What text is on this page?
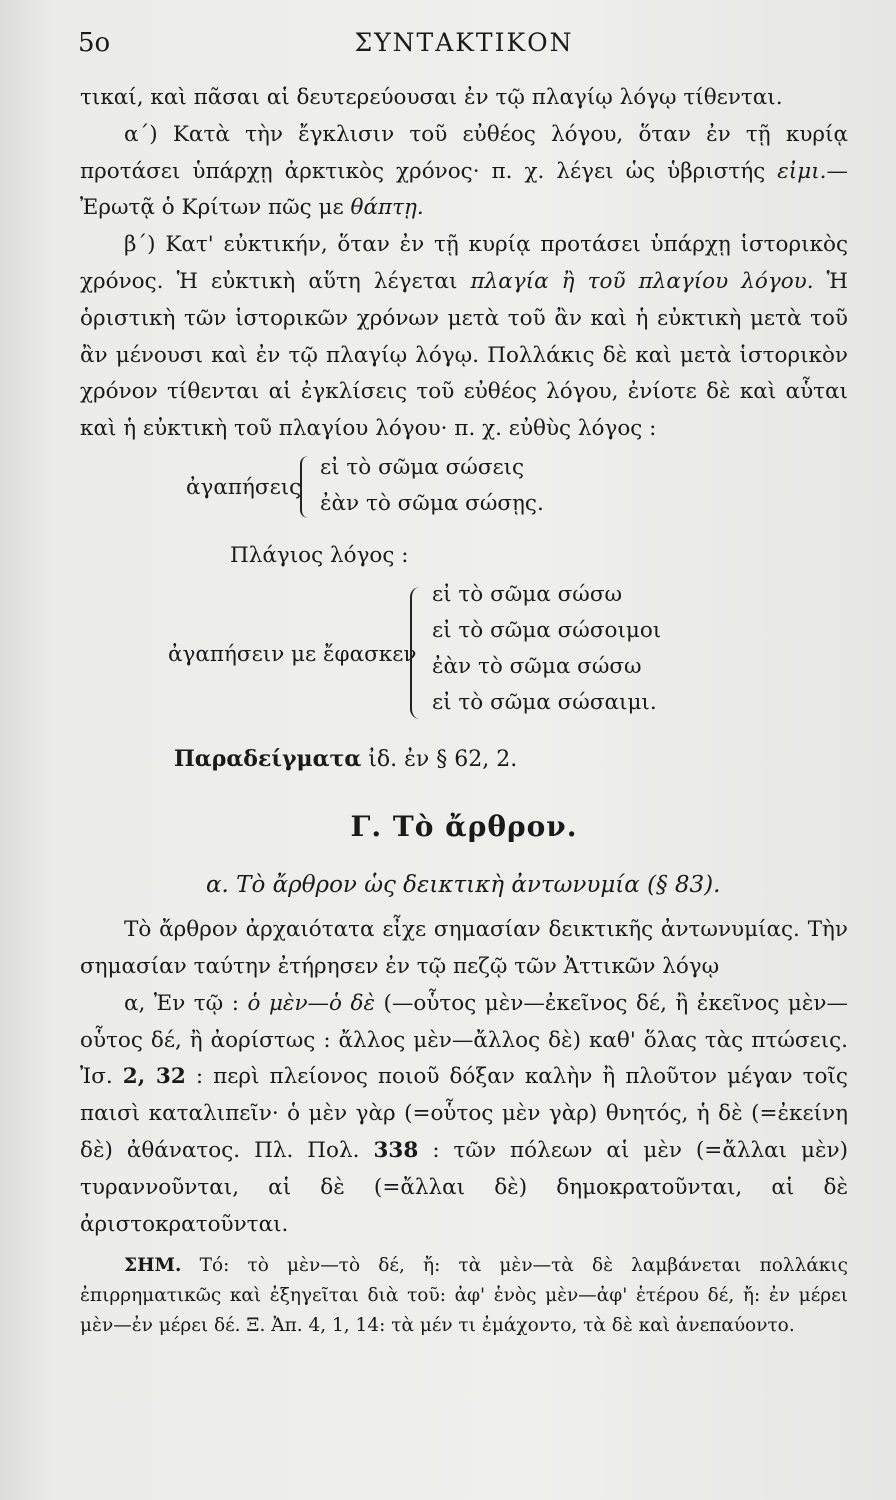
5o	ΣΥΝΤΑΚΤΙΚΟΝ

τικαί, καὶ πᾶσαι αἱ δευτερεύουσαι ἐν τῷ πλαγίῳ λόγῳ τίθενται.

α΄) Κατὰ τὴν ἔγκλισιν τοῦ εὐθέος λόγου, ὅταν ἐν τῇ κυρίᾳ προτάσει ὑπάρχῃ ἀρκτικὸς χρόνος· π. χ. λέγει ὡς ὑβριστής εἰμι.— Ἐρωτᾷ ὁ Κρίτων πῶς με θάπτῃ.

β΄) Κατ' εὐκτικήν, ὅταν ἐν τῇ κυρίᾳ προτάσει ὑπάρχῃ ἱστορικὸς χρόνος. Ἡ εὐκτικὴ αὕτη λέγεται πλαγία ἢ τοῦ πλαγίου λόγου. Ἡ ὁριστικὴ τῶν ἱστορικῶν χρόνων μετὰ τοῦ ἂν καὶ ἡ εὐκτικὴ μετὰ τοῦ ἂν μένουσι καὶ ἐν τῷ πλαγίῳ λόγῳ. Πολλάκις δὲ καὶ μετὰ ἱστορικὸν χρόνον τίθενται αἱ ἐγκλίσεις τοῦ εὐθέος λόγου, ἐνίοτε δὲ καὶ αὗται καὶ ἡ εὐκτικὴ τοῦ πλαγίου λόγου· π. χ. εὐθὺς λόγος :

ἀγαπήσεις
εἰ τὸ σῶμα σώσεις
ἐὰν τὸ σῶμα σώσῃς.

Πλάγιος λόγος :

ἀγαπήσειν με ἔφασκεν
εἰ τὸ σῶμα σώσω
εἰ τὸ σῶμα σώσοιμοι
ἐὰν τὸ σῶμα σώσω
εἰ τὸ σῶμα σώσαιμι.

Παραδείγματα ἰδ. ἐν § 62, 2.

Γ. Τὸ ἄρθρον.
α. Τὸ ἄρθρον ὡς δεικτικὴ ἀντωνυμία (§ 83).

Τὸ ἄρθρον ἀρχαιότατα εἶχε σημασίαν δεικτικῆς ἀντωνυμίας. Τὴν σημασίαν ταύτην ἐτήρησεν ἐν τῷ πεζῷ τῶν Ἀττικῶν λόγῳ

α, Ἐν τῷ : ὁ μὲν—ὁ δὲ (—οὗτος μὲν—ἐκεῖνος δέ, ἢ ἐκεῖνος μὲν—οὗτος δέ, ἢ ἀορίστως : ἄλλος μὲν—ἄλλος δὲ) καθ' ὅλας τὰς πτώσεις. Ἰσ. 2, 32 : περὶ πλείονος ποιοῦ δόξαν καλὴν ἢ πλοῦτον μέγαν τοῖς παισὶ καταλιπεῖν· ὁ μὲν γὰρ (=οὗτος μὲν γὰρ) θνητός, ἡ δὲ (=ἐκείνη δὲ) ἀθάνατος. Πλ. Πολ. 338 : τῶν πόλεων αἱ μὲν (=ἄλλαι μὲν) τυραννοῦνται, αἱ δὲ (=ἄλλαι δὲ) δημοκρατοῦνται, αἱ δὲ ἀριστοκρατοῦνται.

ΣΗΜ. Τό: τὸ μὲν—τὸ δέ, ἤ: τὰ μὲν—τὰ δὲ λαμβάνεται πολλάκις ἐπιρρηματικῶς καὶ ἐξηγεῖται διὰ τοῦ: ἀφ' ἑνὸς μὲν—ἀφ' ἑτέρου δέ, ἤ: ἐν μέρει μὲν—ἐν μέρει δέ. Ξ. Ἀπ. 4, 1, 14: τὰ μέν τι ἐμάχοντο, τὰ δὲ καὶ ἀνεπαύοντο.
